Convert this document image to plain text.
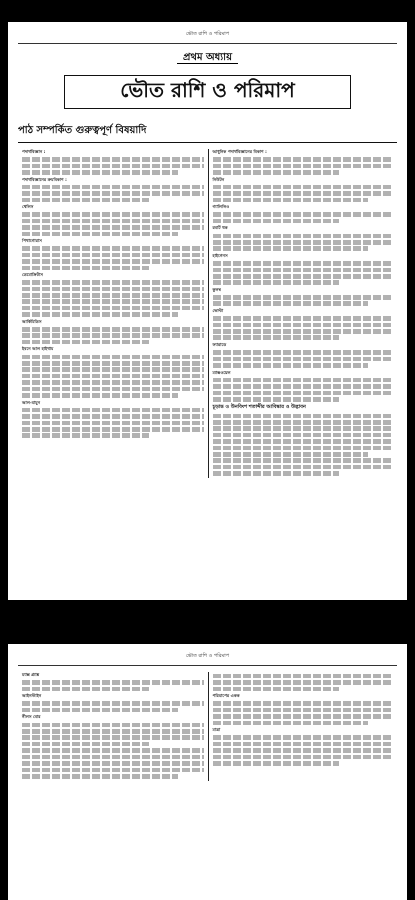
ভৌত রাশি ও পরিমাপ
প্রথম অধ্যায়
ভৌত রাশি ও পরিমাপ
পাঠ সম্পর্কিত গুরুত্বপূর্ণ বিষয়াদি
পদার্থবিজ্ঞান :
পদার্থবিজ্ঞানের ক্রমবিকাশ :
থেলিস
পিথাগোরাস
ডেমোক্রিটাস
আর্কিমিডিস
ইবনে আল হাইথাম
আল-মামুন
আধুনিক পদার্থবিজ্ঞানের বিকাশ :
নিউটন
গ্যালিলিও
রবার্ট হুক
হাইগেনস
কুলম্ব
ভোল্টা
ফ্যারাডে
ম্যাক্সওয়েল
চূড়ান্ত ও উনবিংশ শতাব্দীর আবিষ্কার ও উদ্ভাবন
ভৌত রাশি ও পরিমাপ
ম্যাক্স প্ল্যাঙ্ক
আইনস্টাইন
নীলস বোর
পরিমাপের একক
মাত্রা
